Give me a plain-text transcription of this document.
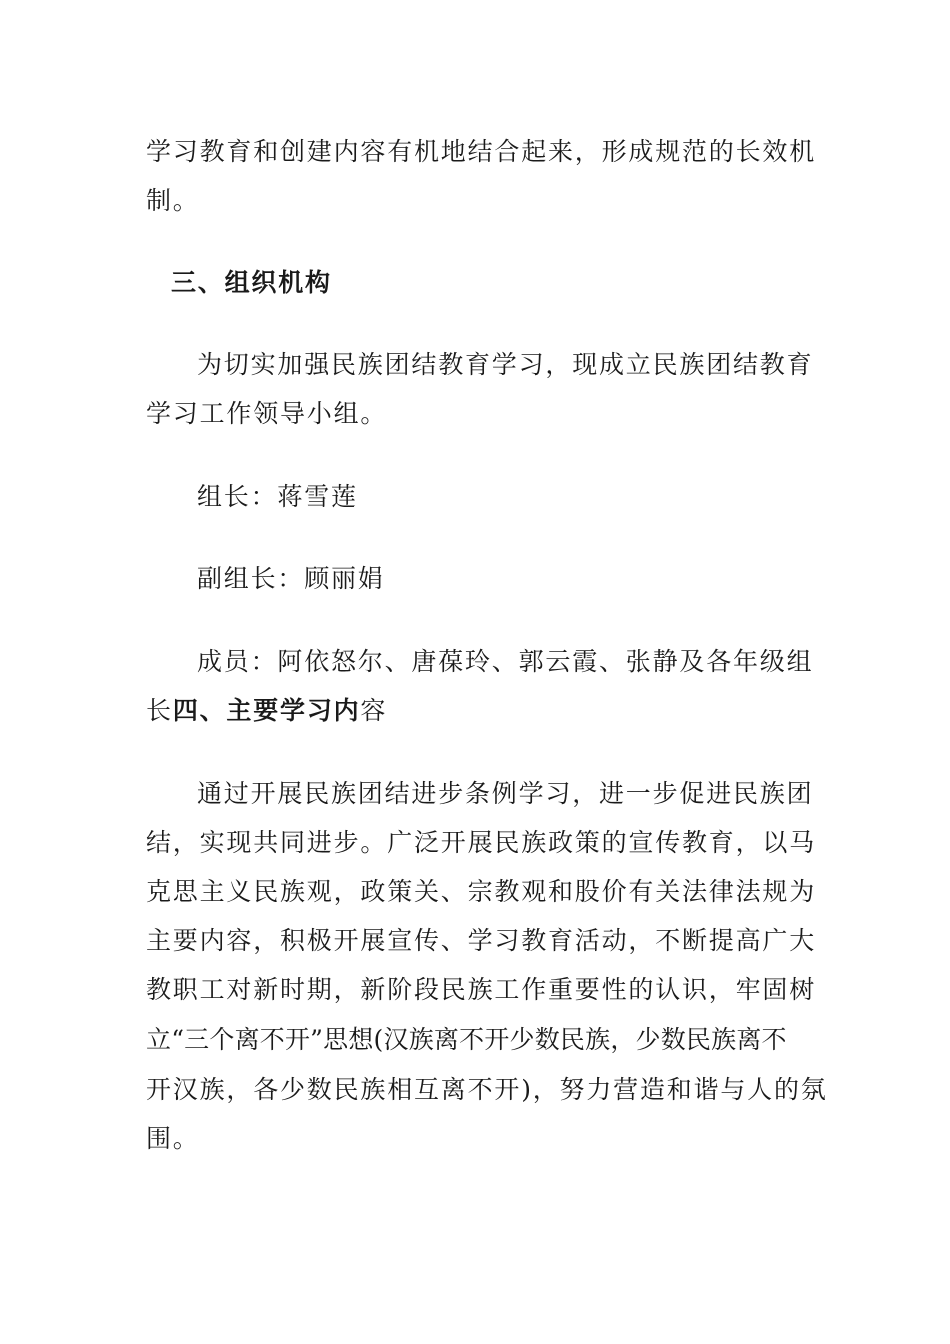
学习教育和创建内容有机地结合起来，形成规范的长效机
制。
三、组织机构
为切实加强民族团结教育学习，现成立民族团结教育
学习工作领导小组。
组长：蒋雪莲
副组长：顾丽娟
成员：阿依怒尔、唐葆玲、郭云霞、张静及各年级组
长四、主要学习内容
通过开展民族团结进步条例学习，进一步促进民族团
结，实现共同进步。广泛开展民族政策的宣传教育，以马
克思主义民族观，政策关、宗教观和股价有关法律法规为
主要内容，积极开展宣传、学习教育活动，不断提高广大
教职工对新时期，新阶段民族工作重要性的认识，牢固树
立“三个离不开”思想(汉族离不开少数民族，少数民族离不
开汉族，各少数民族相互离不开)，努力营造和谐与人的氛
围。
